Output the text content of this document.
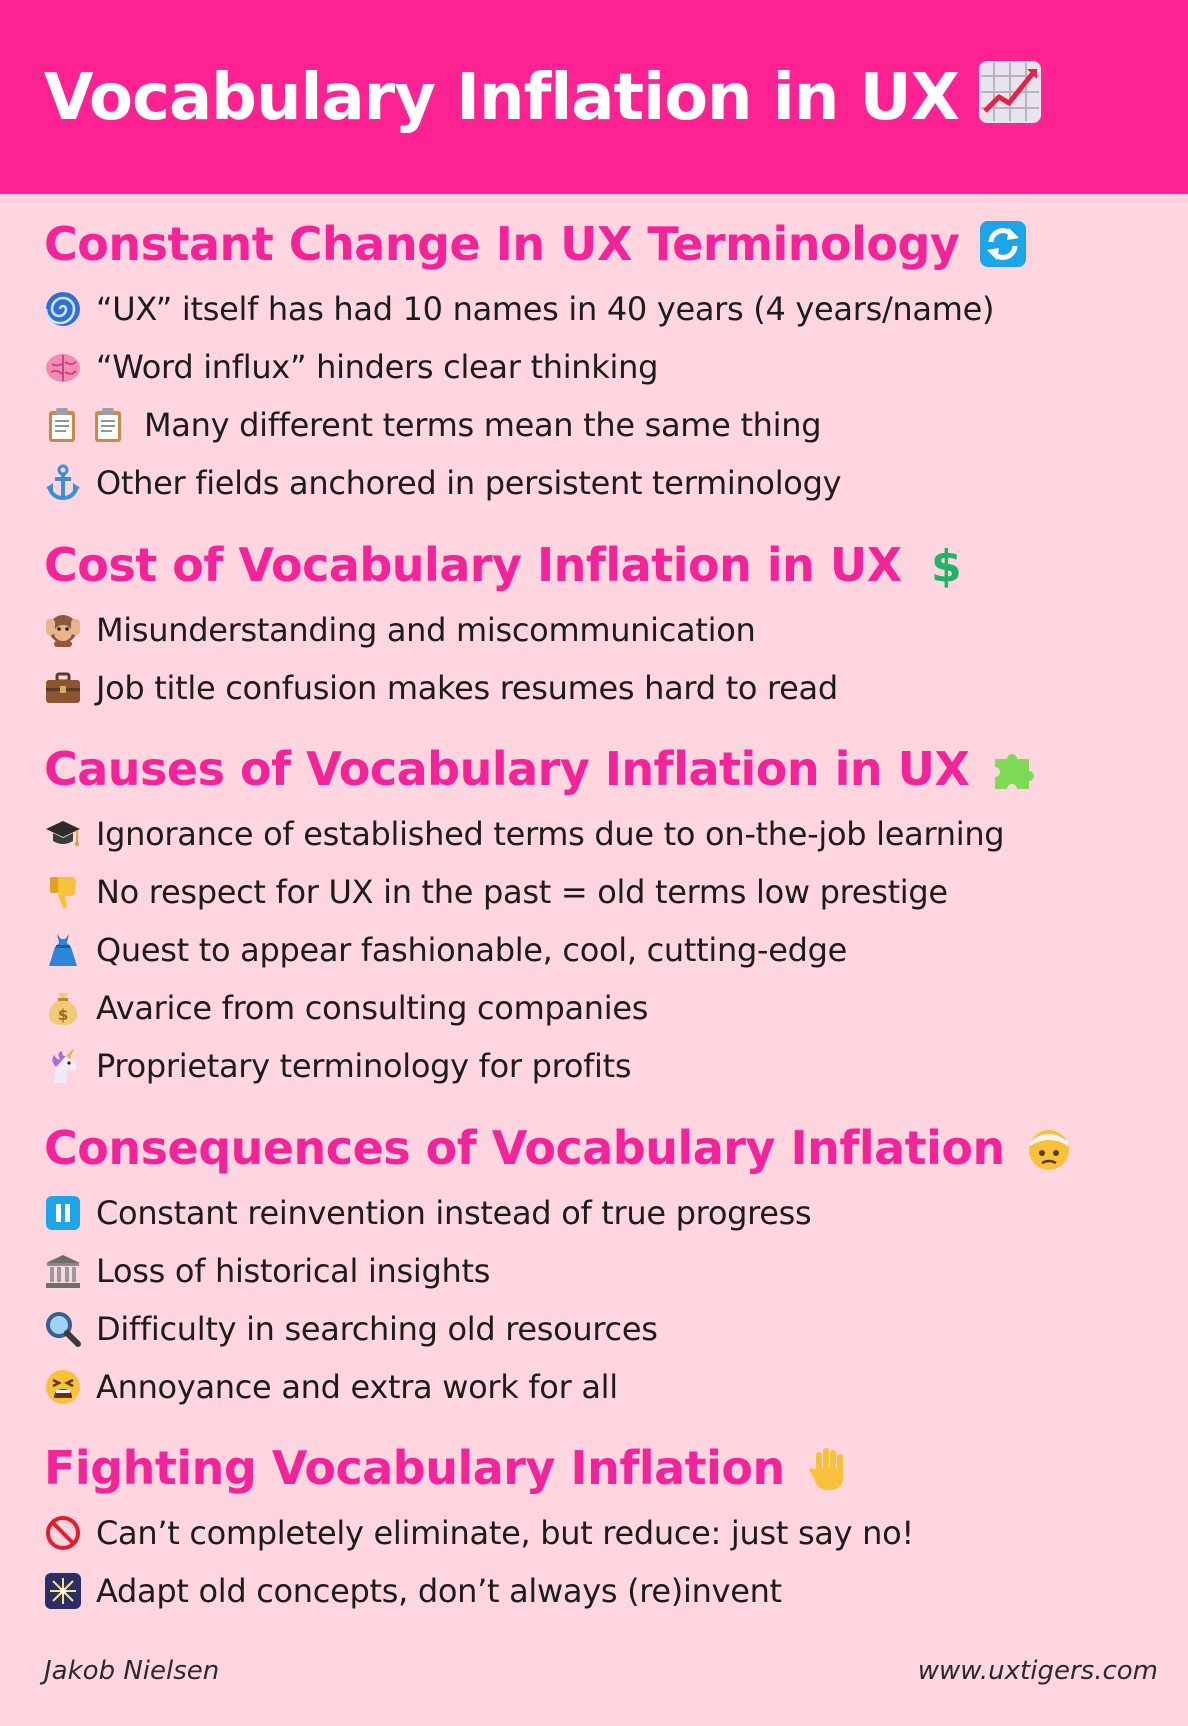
Vocabulary Inflation in UX
Constant Change In UX Terminology
“UX” itself has had 10 names in 40 years (4 years/name)
“Word influx” hinders clear thinking
Many different terms mean the same thing
Other fields anchored in persistent terminology
Cost of Vocabulary Inflation in UX $
Misunderstanding and miscommunication
Job title confusion makes resumes hard to read
Causes of Vocabulary Inflation in UX
Ignorance of established terms due to on-the-job learning
No respect for UX in the past = old terms low prestige
Quest to appear fashionable, cool, cutting-edge
$ Avarice from consulting companies
Proprietary terminology for profits
Consequences of Vocabulary Inflation
Constant reinvention instead of true progress
Loss of historical insights
Difficulty in searching old resources
Annoyance and extra work for all
Fighting Vocabulary Inflation
Can’t completely eliminate, but reduce: just say no!
Adapt old concepts, don’t always (re)invent
Jakob Nielsen	www.uxtigers.com
